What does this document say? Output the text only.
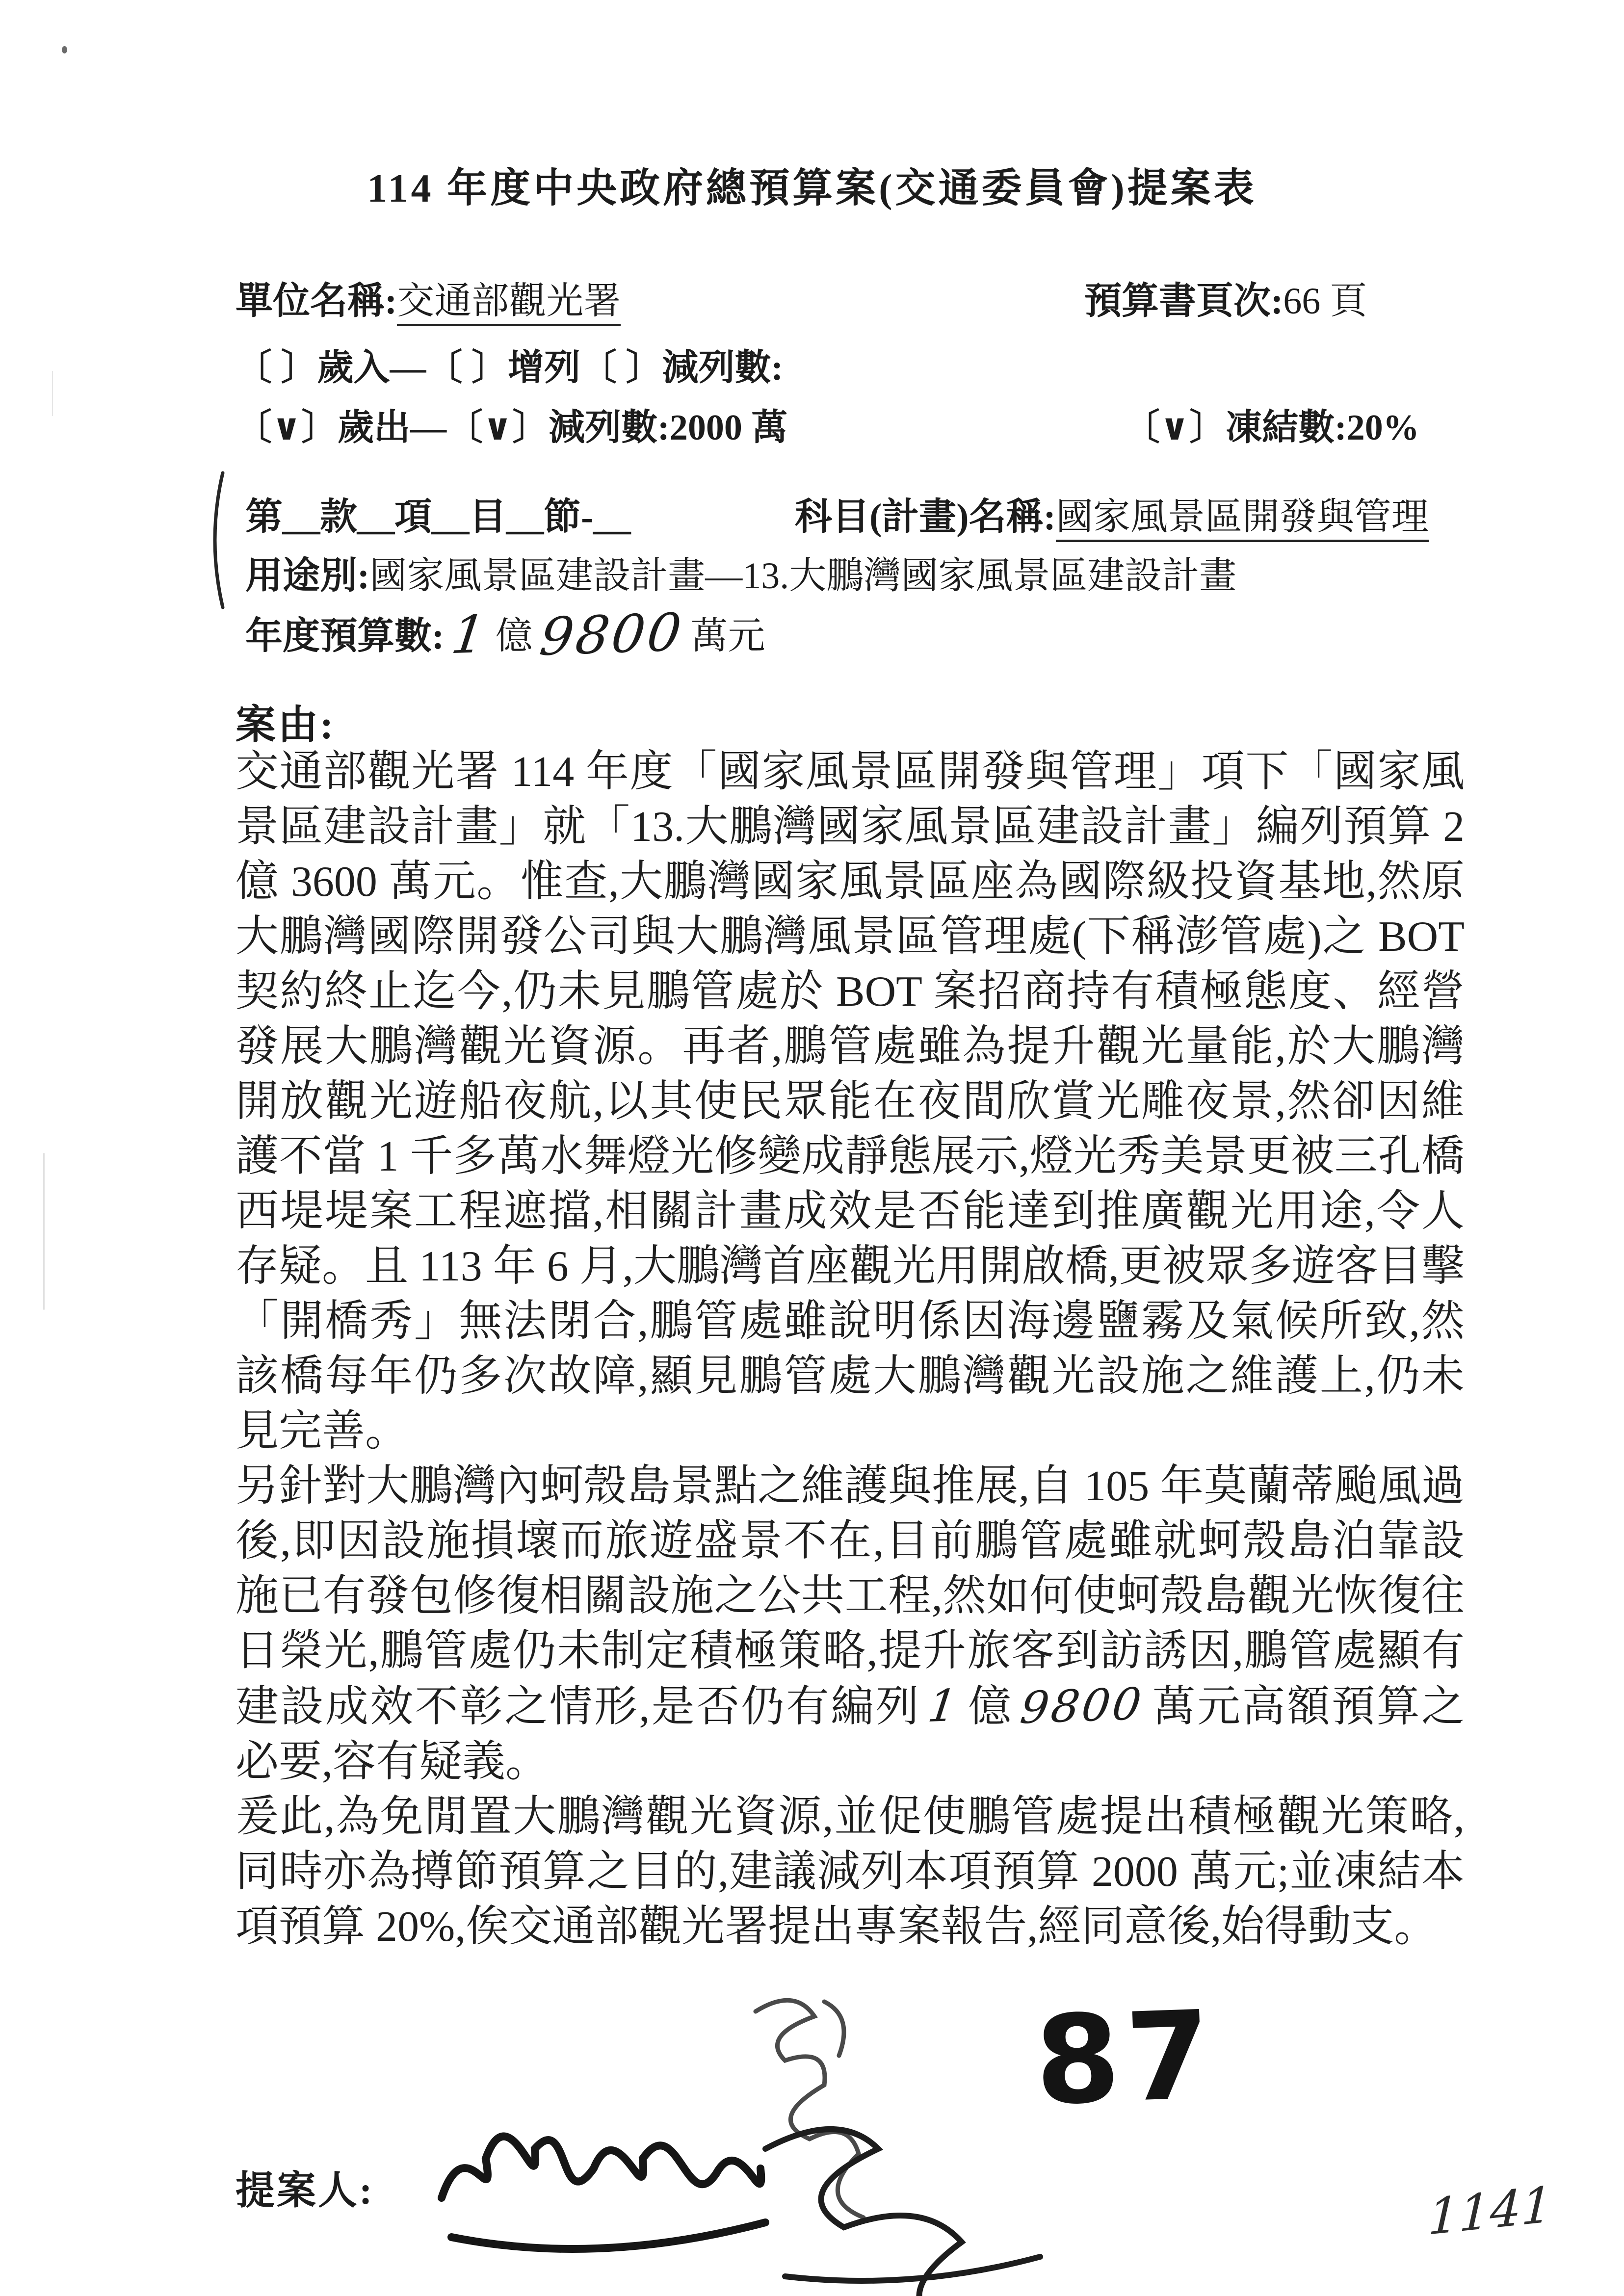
114 年度中央政府總預算案(交通委員會)提案表
單位名稱:交通部觀光署	預算書頁次:66 頁
〔 〕歲入—〔 〕增列〔 〕減列數:
〔∨〕歲出—〔∨〕減列數:2000 萬	〔∨〕凍結數:20%
第＿款＿項＿目＿節-＿	科目(計畫)名稱:國家風景區開發與管理
用途別:國家風景區建設計畫—13.大鵬灣國家風景區建設計畫
年度預算數:1 億9800 萬元
案由:

交通部觀光署 114 年度「國家風景區開發與管理」項下「國家風景區建設計畫」就「13.大鵬灣國家風景區建設計畫」編列預算 2 億 3600 萬元。惟查,大鵬灣國家風景區座為國際級投資基地,然原大鵬灣國際開發公司與大鵬灣風景區管理處(下稱澎管處)之 BOT 契約終止迄今,仍未見鵬管處於 BOT 案招商持有積極態度、經營發展大鵬灣觀光資源。再者,鵬管處雖為提升觀光量能,於大鵬灣開放觀光遊船夜航,以其使民眾能在夜間欣賞光雕夜景,然卻因維護不當 1 千多萬水舞燈光修變成靜態展示,燈光秀美景更被三孔橋西堤堤案工程遮擋,相關計畫成效是否能達到推廣觀光用途,令人存疑。且 113 年 6 月,大鵬灣首座觀光用開啟橋,更被眾多遊客目擊「開橋秀」無法閉合,鵬管處雖說明係因海邊鹽霧及氣候所致,然該橋每年仍多次故障,顯見鵬管處大鵬灣觀光設施之維護上,仍未見完善。

另針對大鵬灣內蚵殼島景點之維護與推展,自 105 年莫蘭蒂颱風過後,即因設施損壞而旅遊盛景不在,目前鵬管處雖就蚵殼島泊靠設施已有發包修復相關設施之公共工程,然如何使蚵殼島觀光恢復往日榮光,鵬管處仍未制定積極策略,提升旅客到訪誘因,鵬管處顯有建設成效不彰之情形,是否仍有編列 1 億9800 萬元高額預算之必要,容有疑義。

爰此,為免閒置大鵬灣觀光資源,並促使鵬管處提出積極觀光策略,同時亦為撙節預算之目的,建議減列本項預算 2000 萬元;並凍結本項預算 20%,俟交通部觀光署提出專案報告,經同意後,始得動支。

提案人:
87
1141
